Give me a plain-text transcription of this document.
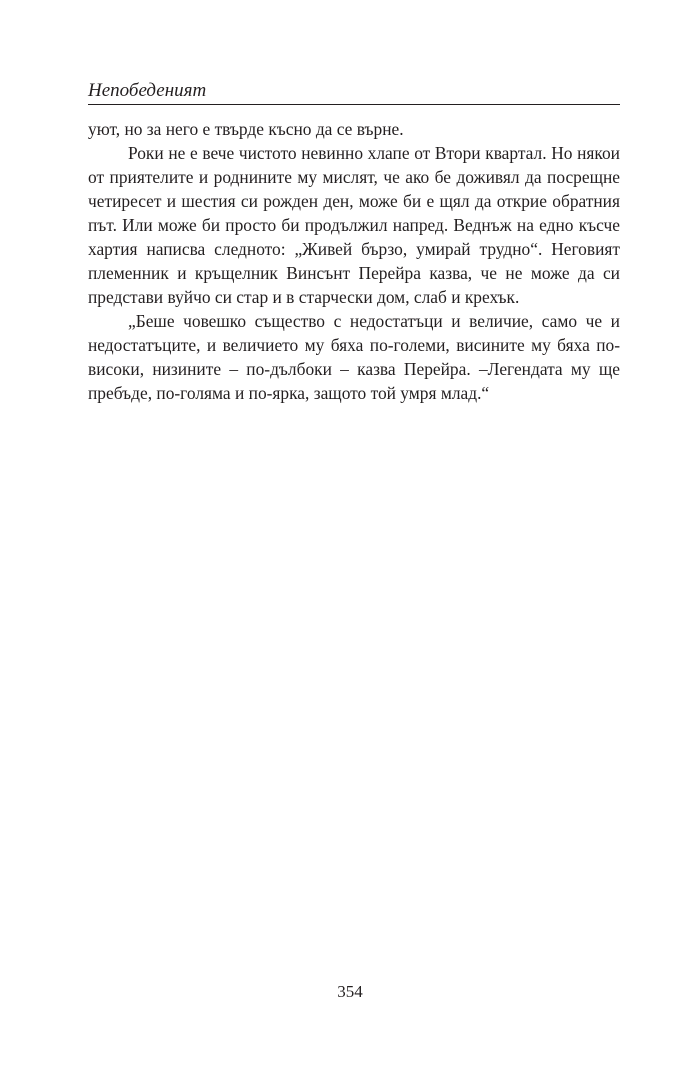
Непобеденият

уют, но за него е твърде късно да се върне.

Роки не е вече чистото невинно хлапе от Втори квартал. Но някои от приятелите и роднините му мислят, че ако бе доживял да посрещне четиресет и шестия си рожден ден, може би е щял да открие обратния път. Или може би просто би продължил напред. Веднъж на едно късче хартия написва следното: „Живей бързо, умирай трудно“. Неговият племенник и кръщелник Винсънт Перейра казва, че не може да си представи вуйчо си стар и в старчески дом, слаб и крехък.

„Беше човешко същество с недостатъци и величие, само че и недостатъците, и величието му бяха по-големи, висините му бяха по-високи, низините – по-дълбоки – казва Перейра. –Легендата му ще пребъде, по-голяма и по-ярка, защото той умря млад.“

354
